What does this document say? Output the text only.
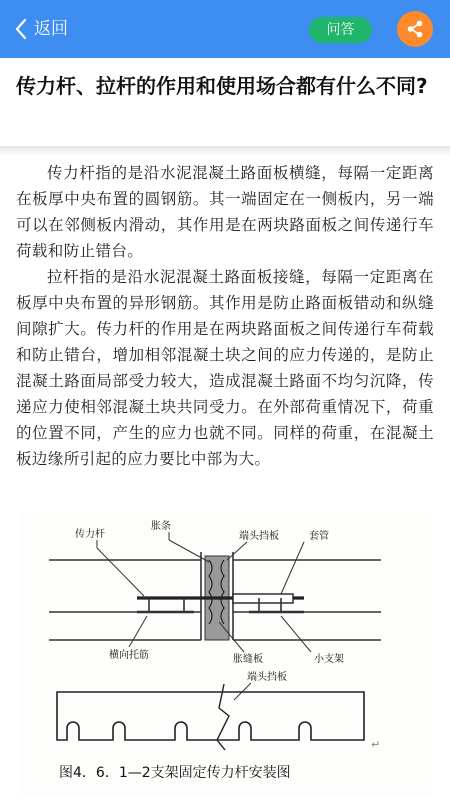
返回	问答
传力杆、拉杆的作用和使用场合都有什么不同?

传力杆指的是沿水泥混凝土路面板横缝，每隔一定距离在板厚中央布置的圆钢筋。其一端固定在一侧板内，另一端可以在邻侧板内滑动，其作用是在两块路面板之间传递行车荷载和防止错台。

拉杆指的是沿水泥混凝土路面板接缝，每隔一定距离在板厚中央布置的异形钢筋。其作用是防止路面板错动和纵缝间隙扩大。传力杆的作用是在两块路面板之间传递行车荷载和防止错台，增加相邻混凝土块之间的应力传递的，是防止混凝土路面局部受力较大，造成混凝土路面不均匀沉降，传递应力使相邻混凝土块共同受力。在外部荷重情况下，荷重的位置不同，产生的应力也就不同。同样的荷重，在混凝土板边缘所引起的应力要比中部为大。

传力杆
胀条
端头挡板	套管
横向托筋	胀缝板	小支架
端头挡板
↵
图4．6．1—2支架固定传力杆安装图
